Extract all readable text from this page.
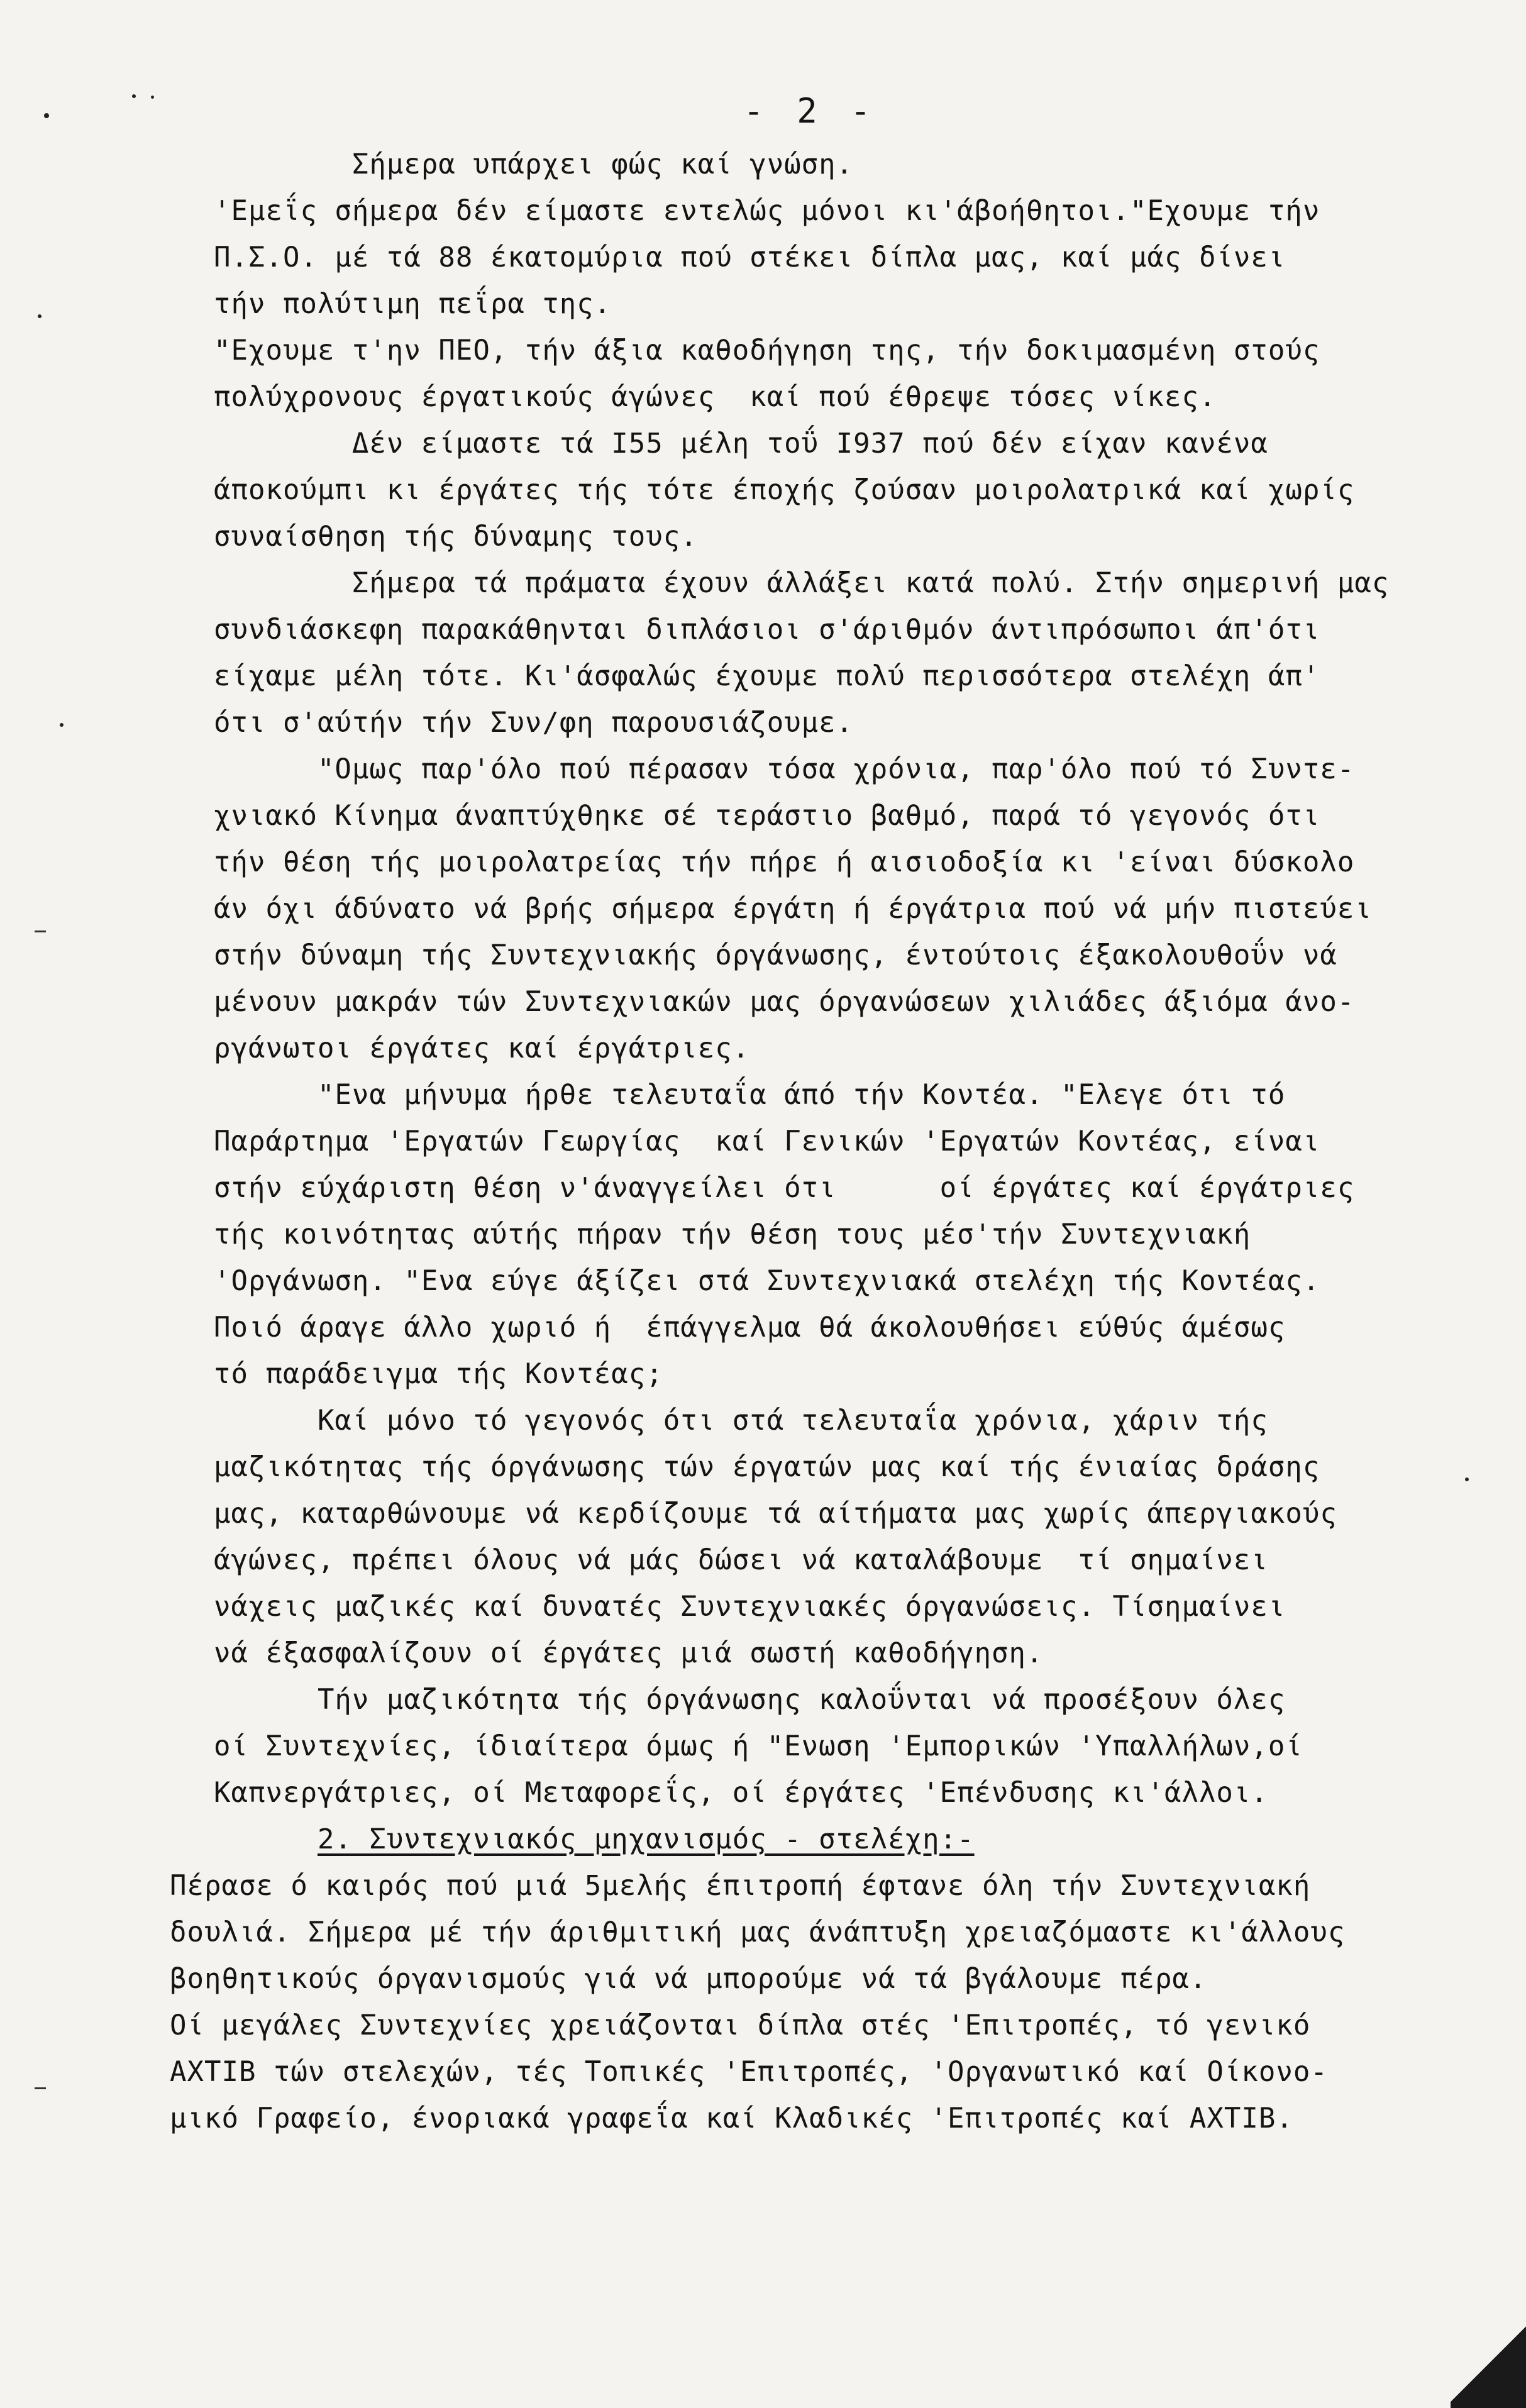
- 2 -
Σήμερα υπάρχει φώς καί γνώση.
'Εμεΐς σήμερα δέν είμαστε εντελώς μόνοι κι'άβοήθητοι."Εχουμε τήν
Π.Σ.Ο. μέ τά 88 έκατομύρια πού στέκει δίπλα μας, καί μάς δίνει
τήν πολύτιμη πεΐρα της.
"Εχουμε τ'ην ΠΕΟ, τήν άξια καθοδήγηση της, τήν δοκιμασμένη στούς
πολύχρονους έργατικούς άγώνες  καί πού έθρεψε τόσες νίκες.
Δέν είμαστε τά I55 μέλη τοΰ I937 πού δέν είχαν κανένα
άποκούμπι κι έργάτες τής τότε έποχής ζούσαν μοιρολατρικά καί χωρίς
συναίσθηση τής δύναμης τους.
Σήμερα τά πράματα έχουν άλλάξει κατά πολύ. Στήν σημερινή μας
συνδιάσκεφη παρακάθηνται διπλάσιοι σ'άριθμόν άντιπρόσωποι άπ'ότι
είχαμε μέλη τότε. Κι'άσφαλώς έχουμε πολύ περισσότερα στελέχη άπ'
ότι σ'αύτήν τήν Συν/φη παρουσιάζουμε.
"Ομως παρ'όλο πού πέρασαν τόσα χρόνια, παρ'όλο πού τό Συντε-
χνιακό Κίνημα άναπτύχθηκε σέ τεράστιο βαθμό, παρά τό γεγονός ότι
τήν θέση τής μοιρολατρείας τήν πήρε ή αισιοδοξία κι 'είναι δύσκολο
άν όχι άδύνατο νά βρής σήμερα έργάτη ή έργάτρια πού νά μήν πιστεύει
στήν δύναμη τής Συντεχνιακής όργάνωσης, έντούτοις έξακολουθοΰν νά
μένουν μακράν τών Συντεχνιακών μας όργανώσεων χιλιάδες άξιόμα άνο-
ργάνωτοι έργάτες καί έργάτριες.
"Ενα μήνυμα ήρθε τελευταΐα άπό τήν Κοντέα. "Ελεγε ότι τό
Παράρτημα 'Εργατών Γεωργίας  καί Γενικών 'Εργατών Κοντέας, είναι
στήν εύχάριστη θέση ν'άναγγείλει ότι      οί έργάτες καί έργάτριες
τής κοινότητας αύτής πήραν τήν θέση τους μέσ'τήν Συντεχνιακή
'Οργάνωση. "Ενα εύγε άξίζει στά Συντεχνιακά στελέχη τής Κοντέας.
Ποιό άραγε άλλο χωριό ή  έπάγγελμα θά άκολουθήσει εύθύς άμέσως
τό παράδειγμα τής Κοντέας;
Καί μόνο τό γεγονός ότι στά τελευταΐα χρόνια, χάριν τής
μαζικότητας τής όργάνωσης τών έργατών μας καί τής ένιαίας δράσης
μας, καταρθώνουμε νά κερδίζουμε τά αίτήματα μας χωρίς άπεργιακούς
άγώνες, πρέπει όλους νά μάς δώσει νά καταλάβουμε  τί σημαίνει
νάχεις μαζικές καί δυνατές Συντεχνιακές όργανώσεις. Τίσημαίνει
νά έξασφαλίζουν οί έργάτες μιά σωστή καθοδήγηση.
Τήν μαζικότητα τής όργάνωσης καλοΰνται νά προσέξουν όλες
οί Συντεχνίες, ίδιαίτερα όμως ή "Ενωση 'Εμπορικών 'Υπαλλήλων,οί
Καπνεργάτριες, οί Μεταφορεΐς, οί έργάτες 'Επένδυσης κι'άλλοι.
2. Συντεχνιακός μηχανισμός - στελέχη:-
Πέρασε ό καιρός πού μιά 5μελής έπιτροπή έφτανε όλη τήν Συντεχνιακή
δουλιά. Σήμερα μέ τήν άριθμιτική μας άνάπτυξη χρειαζόμαστε κι'άλλους
βοηθητικούς όργανισμούς γιά νά μπορούμε νά τά βγάλουμε πέρα.
Οί μεγάλες Συντεχνίες χρειάζονται δίπλα στές 'Επιτροπές, τό γενικό
ΑΧΤΙΒ τών στελεχών, τές Τοπικές 'Επιτροπές, 'Οργανωτικό καί Οίκονο-
μικό Γραφείο, ένοριακά γραφεΐα καί Κλαδικές 'Επιτροπές καί ΑΧΤΙΒ.
